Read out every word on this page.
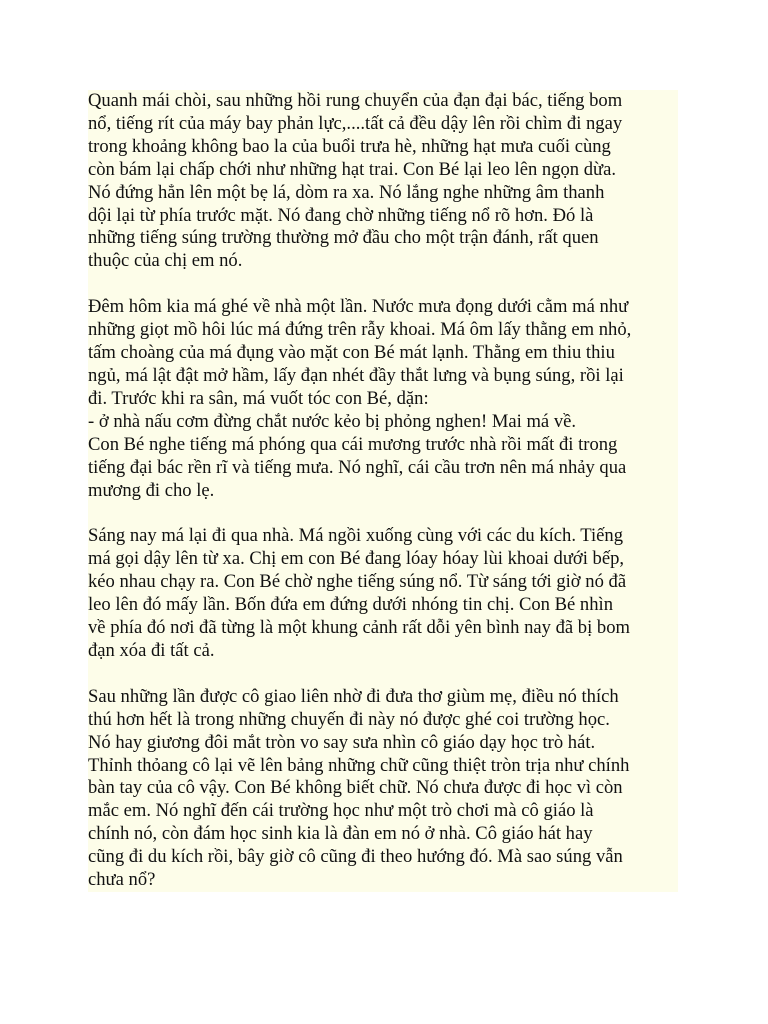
Quanh mái chòi, sau những hồi rung chuyển của đạn đại bác, tiếng bom
nổ, tiếng rít của máy bay phản lực,....tất cả đều dậy lên rồi chìm đi ngay
trong khoảng không bao la của buổi trưa hè, những hạt mưa cuối cùng
còn bám lại chấp chới như những hạt trai. Con Bé lại leo lên ngọn dừa.
Nó đứng hẳn lên một bẹ lá, dòm ra xa. Nó lắng nghe những âm thanh
dội lại từ phía trước mặt. Nó đang chờ những tiếng nổ rõ hơn. Đó là
những tiếng súng trường thường mở đầu cho một trận đánh, rất quen
thuộc của chị em nó.

Đêm hôm kia má ghé về nhà một lần. Nước mưa đọng dưới cằm má như
những giọt mồ hôi lúc má đứng trên rẫy khoai. Má ôm lấy thằng em nhỏ,
tấm choàng của má đụng vào mặt con Bé mát lạnh. Thằng em thiu thiu
ngủ, má lật đật mở hầm, lấy đạn nhét đầy thắt lưng và bụng súng, rồi lại
đi. Trước khi ra sân, má vuốt tóc con Bé, dặn:
- ở nhà nấu cơm đừng chắt nước kẻo bị phỏng nghen! Mai má về.
Con Bé nghe tiếng má phóng qua cái mương trước nhà rồi mất đi trong
tiếng đại bác rền rĩ và tiếng mưa. Nó nghĩ, cái cầu trơn nên má nhảy qua
mương đi cho lẹ.

Sáng nay má lại đi qua nhà. Má ngồi xuống cùng với các du kích. Tiếng
má gọi dậy lên từ xa. Chị em con Bé đang lóay hóay lùi khoai dưới bếp,
kéo nhau chạy ra. Con Bé chờ nghe tiếng súng nổ. Từ sáng tới giờ nó đã
leo lên đó mấy lần. Bốn đứa em đứng dưới nhóng tin chị. Con Bé nhìn
về phía đó nơi đã từng là một khung cảnh rất dỗi yên bình nay đã bị bom
đạn xóa đi tất cả.

Sau những lần được cô giao liên nhờ đi đưa thơ giùm mẹ, điều nó thích
thú hơn hết là trong những chuyến đi này nó được ghé coi trường học.
Nó hay giương đôi mắt tròn vo say sưa nhìn cô giáo dạy học trò hát.
Thỉnh thỏang cô lại vẽ lên bảng những chữ cũng thiệt tròn trịa như chính
bàn tay của cô vậy. Con Bé không biết chữ. Nó chưa được đi học vì còn
mắc em. Nó nghĩ đến cái trường học như một trò chơi mà cô giáo là
chính nó, còn đám học sinh kia là đàn em nó ở nhà. Cô giáo hát hay
cũng đi du kích rồi, bây giờ cô cũng đi theo hướng đó. Mà sao súng vẫn
chưa nổ?
